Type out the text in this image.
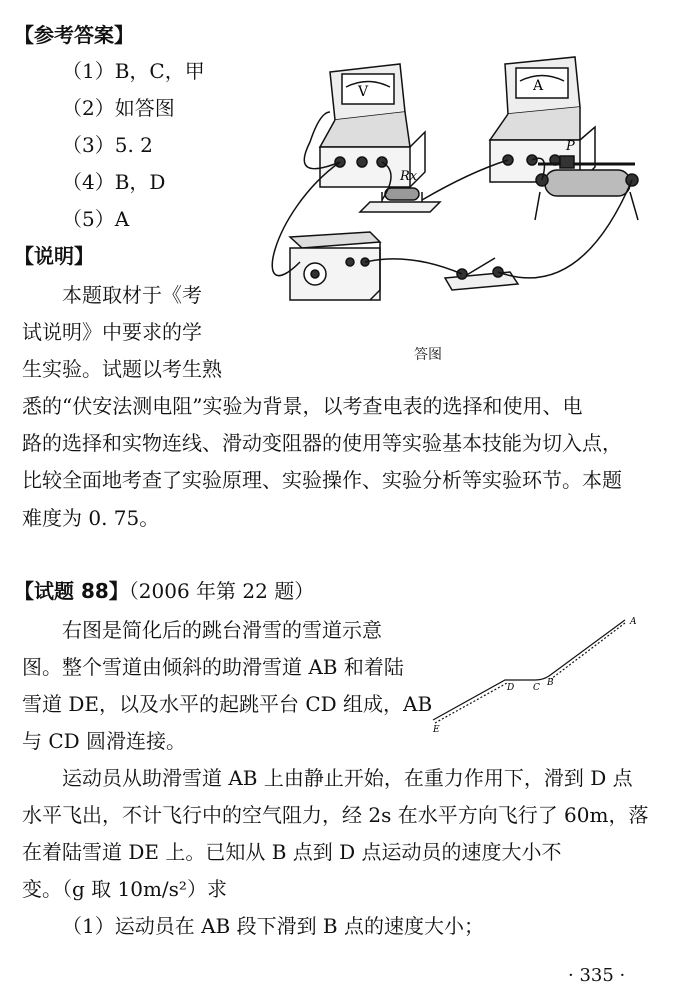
【参考答案】
（1）B，C，甲
（2）如答图
（3）5. 2
（4）B，D
（5）A
【说明】
本题取材于《考
试说明》中要求的学
生实验。试题以考生熟
悉的“伏安法测电阻”实验为背景，以考查电表的选择和使用、电
路的选择和实物连线、滑动变阻器的使用等实验基本技能为切入点，
比较全面地考查了实验原理、实验操作、实验分析等实验环节。本题
难度为 0. 75。
V	A
Rx
P
答图
【试题 88】（2006 年第 22 题）
右图是简化后的跳台滑雪的雪道示意
图。整个雪道由倾斜的助滑雪道 AB 和着陆
雪道 DE，以及水平的起跳平台 CD 组成，AB
与 CD 圆滑连接。
运动员从助滑雪道 AB 上由静止开始，在重力作用下，滑到 D 点
水平飞出，不计飞行中的空气阻力，经 2s 在水平方向飞行了 60m，落
在着陆雪道 DE 上。已知从 B 点到 D 点运动员的速度大小不
变。（g 取 10m/s²）求
（1）运动员在 AB 段下滑到 B 点的速度大小；
A
B
C
D
E
· 335 ·
